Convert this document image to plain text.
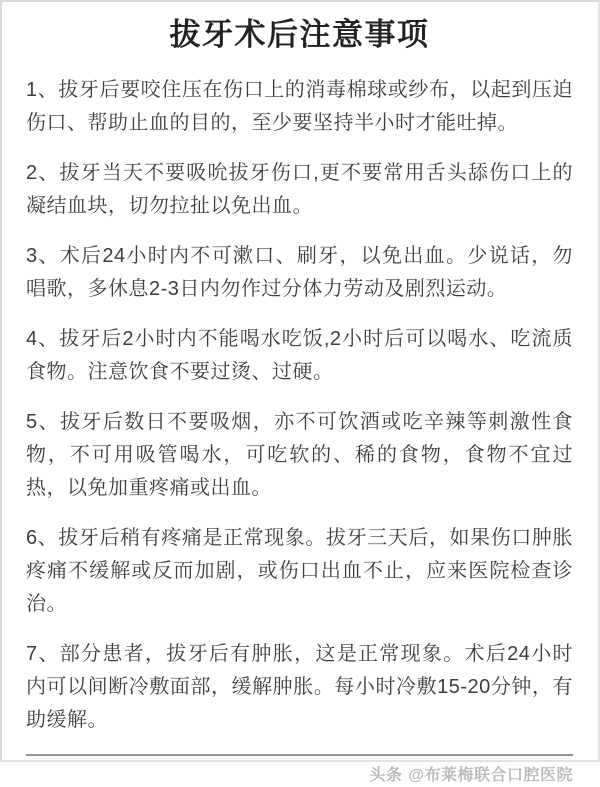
拔牙术后注意事项

1、拔牙后要咬住压在伤口上的消毒棉球或纱布，以起到压迫伤口、帮助止血的目的，至少要坚持半小时才能吐掉。

2、拔牙当天不要吸吮拔牙伤口,更不要常用舌头舔伤口上的凝结血块，切勿拉扯以免出血。

3、术后24小时内不可漱口、刷牙，以免出血。少说话，勿唱歌，多休息2-3日内勿作过分体力劳动及剧烈运动。

4、拔牙后2小时内不能喝水吃饭,2小时后可以喝水、吃流质食物。注意饮食不要过烫、过硬。

5、拔牙后数日不要吸烟，亦不可饮酒或吃辛辣等刺激性食物，不可用吸管喝水，可吃软的、稀的食物，食物不宜过热，以免加重疼痛或出血。

6、拔牙后稍有疼痛是正常现象。拔牙三天后，如果伤口肿胀疼痛不缓解或反而加剧，或伤口出血不止，应来医院检查诊治。

7、部分患者，拔牙后有肿胀，这是正常现象。术后24小时内可以间断冷敷面部，缓解肿胀。每小时冷敷15-20分钟，有助缓解。

头条 @布莱梅联合口腔医院
